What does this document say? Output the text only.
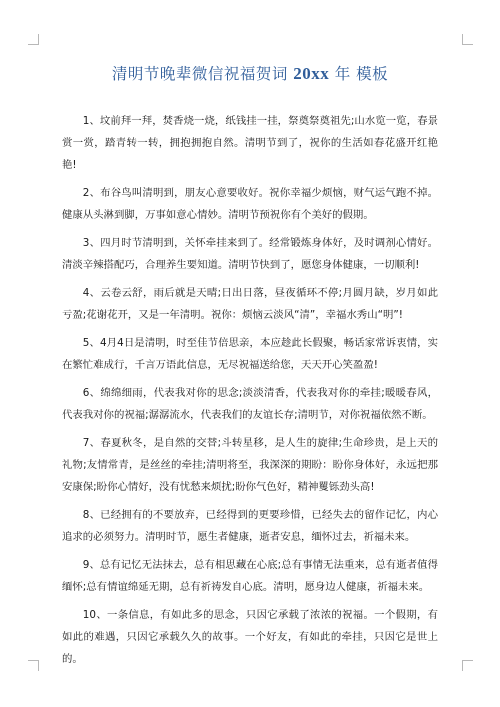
清明节晚辈微信祝福贺词 20xx 年 模板

1、坟前拜一拜，焚香烧一烧，纸钱挂一挂，祭奠祭奠祖先;山水览一览，春景赏一赏，踏青转一转，拥抱拥抱自然。清明节到了，祝你的生活如春花盛开红艳艳!

2、布谷鸟叫清明到，朋友心意要收好。祝你幸福少烦恼，财气运气跑不掉。健康从头淋到脚，万事如意心情妙。清明节预祝你有个美好的假期。

3、四月时节清明到，关怀牵挂来到了。经常锻炼身体好，及时调剂心情好。清淡辛辣搭配巧，合理养生要知道。清明节快到了，愿您身体健康，一切顺利!

4、云卷云舒，雨后就是天晴;日出日落，昼夜循环不停;月圆月缺，岁月如此亏盈;花谢花开，又是一年清明。祝你：烦恼云淡风“清”，幸福水秀山“明”!

5、4月4日是清明，时至佳节倍思亲，本应趁此长假聚，畅话家常诉衷情，实在繁忙难成行，千言万语此信息，无尽祝福送给您，天天开心笑盈盈!

6、绵绵细雨，代表我对你的思念;淡淡清香，代表我对你的牵挂;暖暖春风，代表我对你的祝福;潺潺流水，代表我们的友谊长存;清明节，对你祝福依然不断。

7、春夏秋冬，是自然的交替;斗转星移，是人生的旋律;生命珍贵，是上天的礼物;友情常青，是丝丝的牵挂;清明将至，我深深的期盼：盼你身体好，永远把那安康保;盼你心情好，没有忧愁来烦扰;盼你气色好，精神矍铄劲头高!

8、已经拥有的不要放弃，已经得到的更要珍惜，已经失去的留作记忆，内心追求的必须努力。清明时节，愿生者健康，逝者安息，缅怀过去，祈福未来。

9、总有记忆无法抹去，总有相思藏在心底;总有事情无法重来，总有逝者值得缅怀;总有情谊绵延无期，总有祈祷发自心底。清明，愿身边人健康，祈福未来。

10、一条信息，有如此多的思念，只因它承载了浓浓的祝福。一个假期，有如此的难遇，只因它承载久久的故事。一个好友，有如此的牵挂，只因它是世上的。
